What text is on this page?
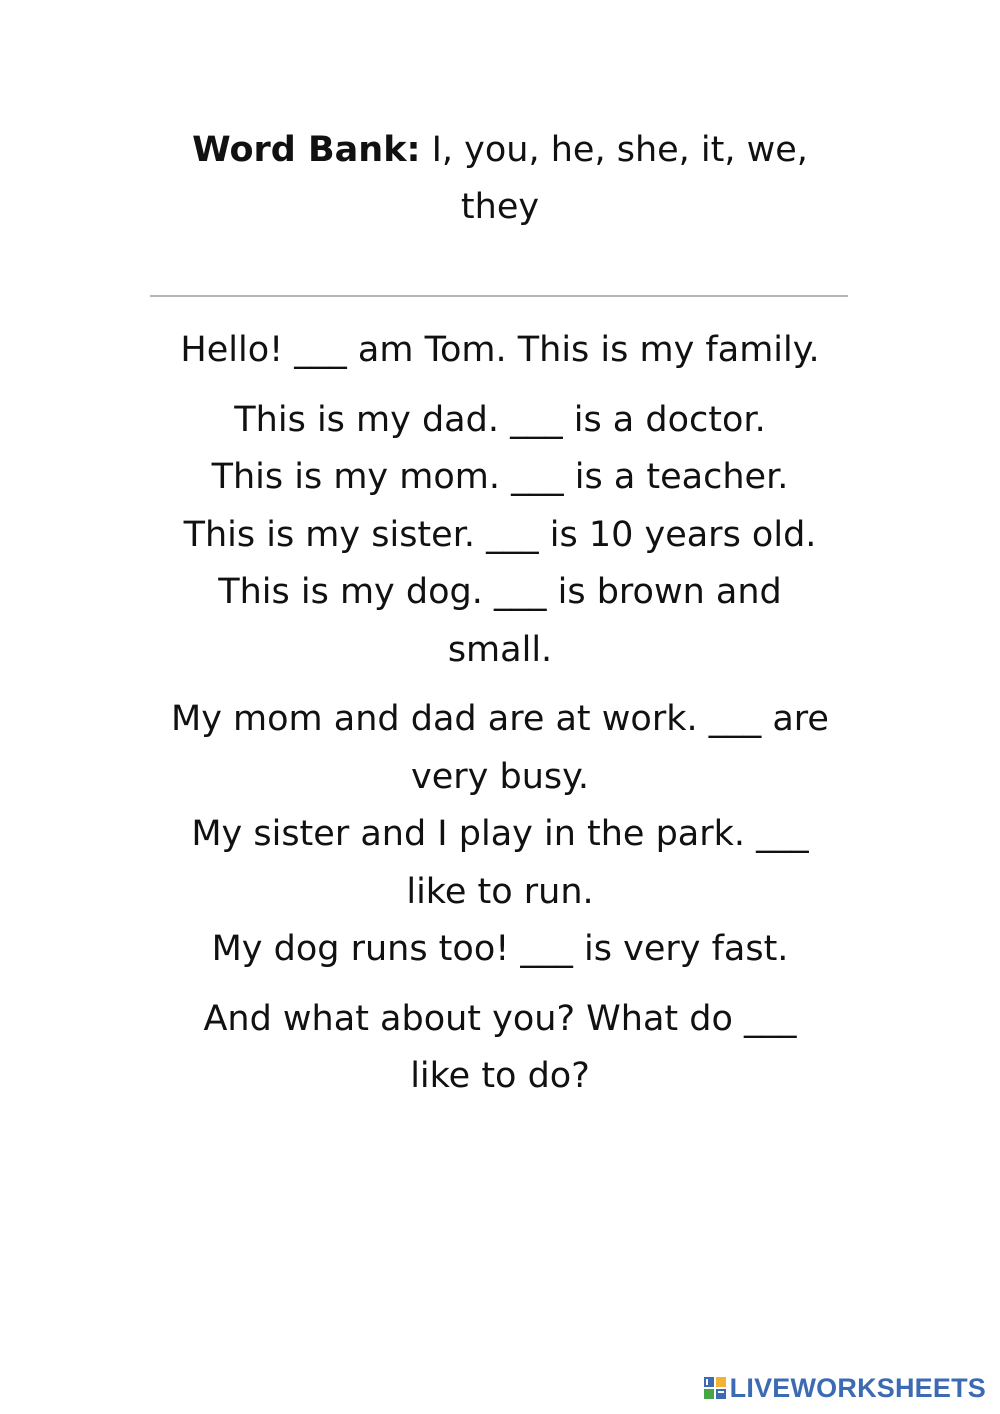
Word Bank: I, you, he, she, it, we,
they

Hello! ___ am Tom. This is my family.

This is my dad. ___ is a doctor.
This is my mom. ___ is a teacher.
This is my sister. ___ is 10 years old.
This is my dog. ___ is brown and
small.

My mom and dad are at work. ___ are
very busy.
My sister and I play in the park. ___
like to run.
My dog runs too! ___ is very fast.

And what about you? What do ___
like to do?

LIVEWORKSHEETS
